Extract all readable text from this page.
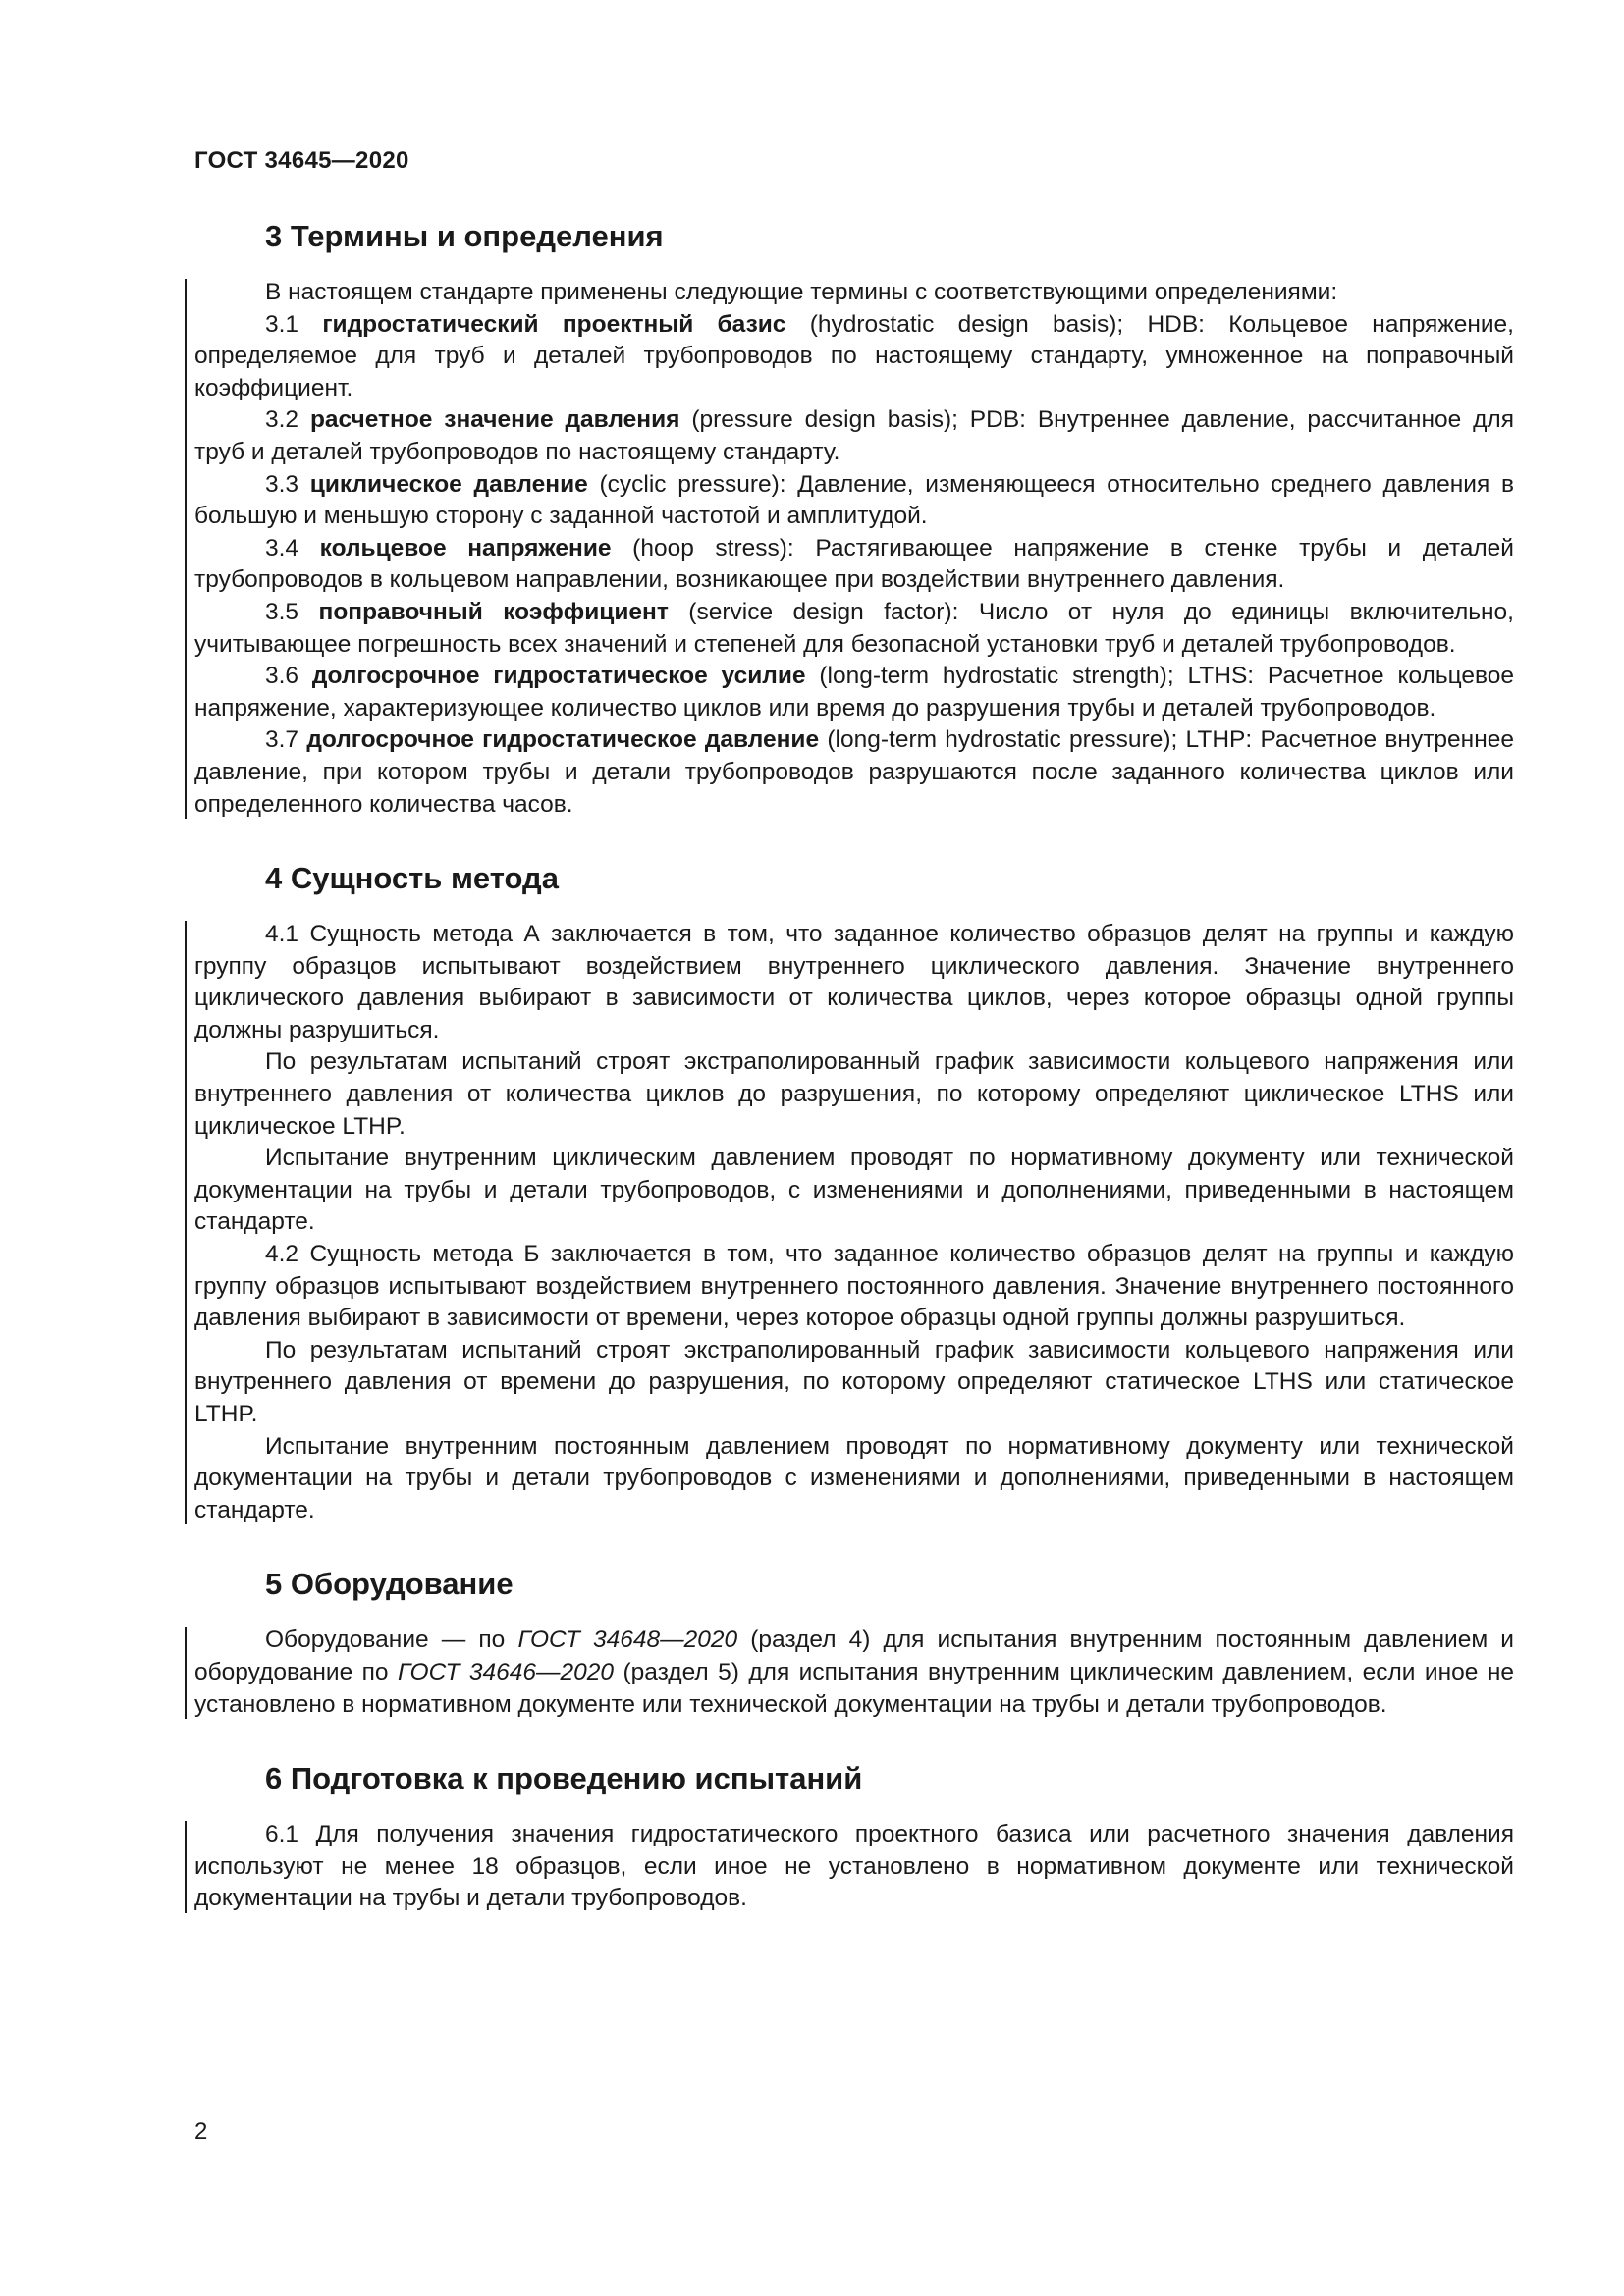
ГОСТ 34645—2020
3 Термины и определения

В настоящем стандарте применены следующие термины с соответствующими определениями:

3.1 гидростатический проектный базис (hydrostatic design basis); HDB: Кольцевое напряжение, определяемое для труб и деталей трубопроводов по настоящему стандарту, умноженное на поправочный коэффициент.

3.2 расчетное значение давления (pressure design basis); PDB: Внутреннее давление, рассчитанное для труб и деталей трубопроводов по настоящему стандарту.

3.3 циклическое давление (cyclic pressure): Давление, изменяющееся относительно среднего давления в большую и меньшую сторону с заданной частотой и амплитудой.

3.4 кольцевое напряжение (hoop stress): Растягивающее напряжение в стенке трубы и деталей трубопроводов в кольцевом направлении, возникающее при воздействии внутреннего давления.

3.5 поправочный коэффициент (service design factor): Число от нуля до единицы включительно, учитывающее погрешность всех значений и степеней для безопасной установки труб и деталей трубопроводов.

3.6 долгосрочное гидростатическое усилие (long-term hydrostatic strength); LTHS: Расчетное кольцевое напряжение, характеризующее количество циклов или время до разрушения трубы и деталей трубопроводов.

3.7 долгосрочное гидростатическое давление (long-term hydrostatic pressure); LTHP: Расчетное внутреннее давление, при котором трубы и детали трубопроводов разрушаются после заданного количества циклов или определенного количества часов.

4 Сущность метода

4.1 Сущность метода А заключается в том, что заданное количество образцов делят на группы и каждую группу образцов испытывают воздействием внутреннего циклического давления. Значение внутреннего циклического давления выбирают в зависимости от количества циклов, через которое образцы одной группы должны разрушиться.

По результатам испытаний строят экстраполированный график зависимости кольцевого напряжения или внутреннего давления от количества циклов до разрушения, по которому определяют циклическое LTHS или циклическое LTHP.

Испытание внутренним циклическим давлением проводят по нормативному документу или технической документации на трубы и детали трубопроводов, с изменениями и дополнениями, приведенными в настоящем стандарте.

4.2 Сущность метода Б заключается в том, что заданное количество образцов делят на группы и каждую группу образцов испытывают воздействием внутреннего постоянного давления. Значение внутреннего постоянного давления выбирают в зависимости от времени, через которое образцы одной группы должны разрушиться.

По результатам испытаний строят экстраполированный график зависимости кольцевого напряжения или внутреннего давления от времени до разрушения, по которому определяют статическое LTHS или статическое LTHP.

Испытание внутренним постоянным давлением проводят по нормативному документу или технической документации на трубы и детали трубопроводов с изменениями и дополнениями, приведенными в настоящем стандарте.

5 Оборудование

Оборудование — по ГОСТ 34648—2020 (раздел 4) для испытания внутренним постоянным давлением и оборудование по ГОСТ 34646—2020 (раздел 5) для испытания внутренним циклическим давлением, если иное не установлено в нормативном документе или технической документации на трубы и детали трубопроводов.

6 Подготовка к проведению испытаний

6.1 Для получения значения гидростатического проектного базиса или расчетного значения давления используют не менее 18 образцов, если иное не установлено в нормативном документе или технической документации на трубы и детали трубопроводов.

2
